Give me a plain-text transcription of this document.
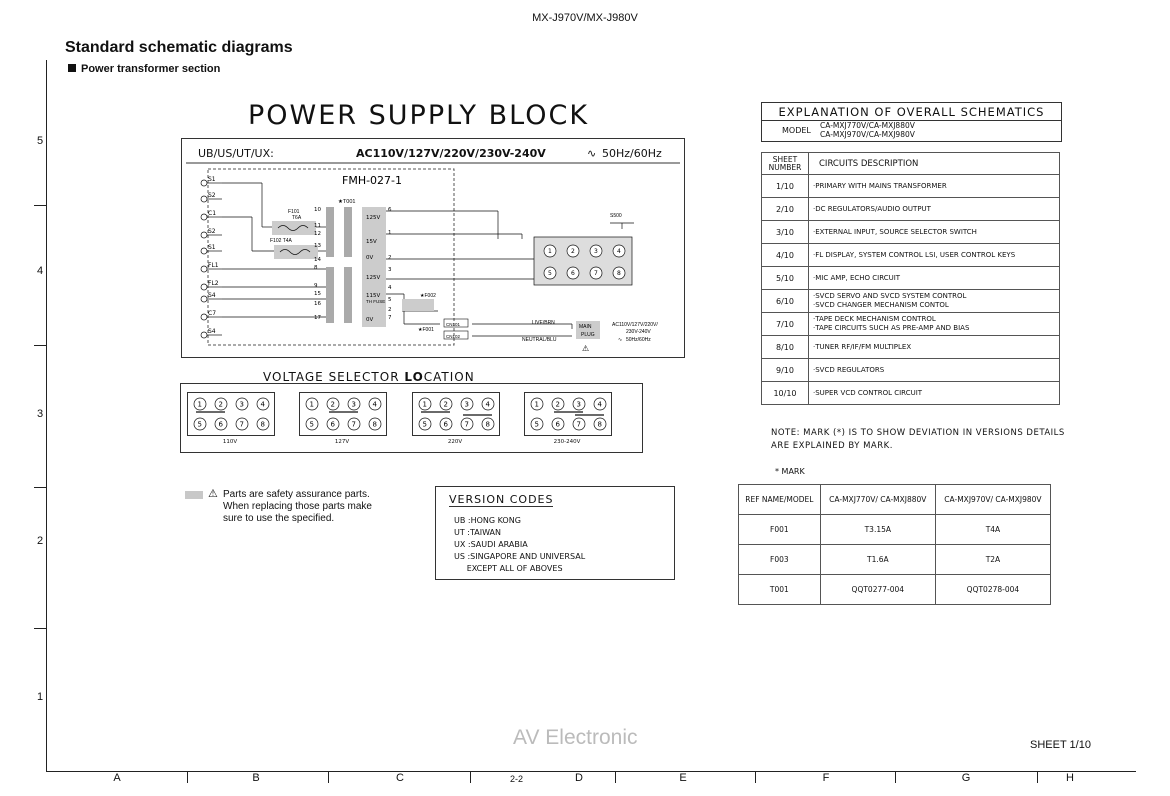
MX-J970V/MX-J980V
Standard schematic diagrams
Power transformer section
5
4
3
2
1
A	B	C	D	E	F	G	H
POWER SUPPLY BLOCK
UB/US/UT/UX:	AC110V/127V/220V/230V-240V	∿ 50Hz/60Hz
FMH-027-1
S1
S2
C1
S2
S1
FL1
FL2
S4
C7
S4
F101
T6A
F102 T4A
★T001
10
11
12
13
14
8
9
15
16
17
6
1
2
3
4
5
2
7
125V
15V
0V
125V
115V
0V
★F002
★F001
TH FUSE
CN101
CN102
S500
1	2	3	4
5	6	7	8
LIVE/BRN
NEUTRAL/BLU
MAIN
PLUG
⚠
AC110V/127V/220V/
230V-240V
∿ 50Hz/60Hz
VOLTAGE SELECTOR LOCATION
1 2 3 4
5 6 7 8
110V
1 2 3 4
5 6 7 8
127V
1 2 3 4
5 6 7 8
220V
1 2 3 4
5 6 7 8
230-240V
⚠ Parts are safety assurance parts. When replacing those parts make sure to use the specified.
VERSION CODES
UB :HONG KONG
UT :TAIWAN
UX :SAUDI ARABIA
US :SINGAPORE AND UNIVERSAL
EXCEPT ALL OF ABOVES
EXPLANATION OF OVERALL SCHEMATICS
MODEL
CA-MXJ770V/CA-MXJ880V
CA-MXJ970V/CA-MXJ980V
SHEET NUMBER	CIRCUITS DESCRIPTION
1/10	·PRIMARY WITH MAINS TRANSFORMER
2/10	·DC REGULATORS/AUDIO OUTPUT
3/10	·EXTERNAL INPUT, SOURCE SELECTOR SWITCH
4/10	·FL DISPLAY, SYSTEM CONTROL LSI, USER CONTROL KEYS
5/10	·MIC AMP, ECHO CIRCUIT
6/10	·SVCD SERVO AND SVCD SYSTEM CONTROL
·SVCD CHANGER MECHANISM CONTOL
7/10	·TAPE DECK MECHANISM CONTROL
·TAPE CIRCUITS SUCH AS PRE-AMP AND BIAS
8/10	·TUNER RF/IF/FM MULTIPLEX
9/10	·SVCD REGULATORS
10/10	·SUPER VCD CONTROL CIRCUIT
NOTE: MARK (*) IS TO SHOW DEVIATION IN VERSIONS DETAILS ARE EXPLAINED BY MARK.
* MARK
REF NAME/MODEL	CA-MXJ770V/ CA-MXJ880V	CA-MXJ970V/ CA-MXJ980V
F001	T3.15A	T4A
F003	T1.6A	T2A
T001	QQT0277-004	QQT0278-004
AV Electronic	SHEET 1/10
2-2
